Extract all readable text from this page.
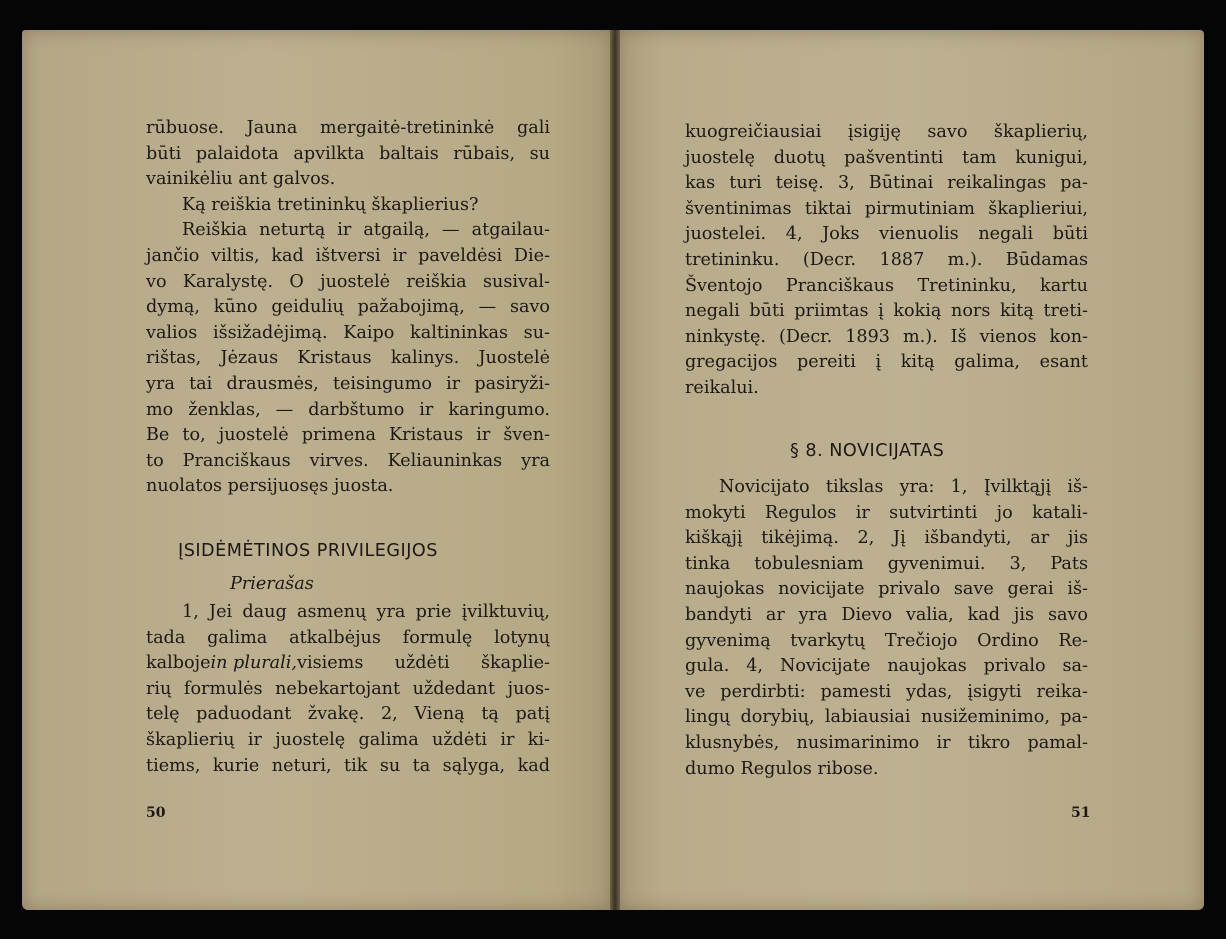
rūbuose. Jauna mergaitė-tretininkė gali

būti palaidota apvilkta baltais rūbais, su

vainikėliu ant galvos.

Ką reiškia tretininkų škaplierius?

Reiškia neturtą ir atgailą, — atgailau-

jančio viltis, kad ištversi ir paveldėsi Die-

vo Karalystę. O juostelė reiškia susival-

dymą, kūno geidulių pažabojimą, — savo

valios išsižadėjimą. Kaipo kaltininkas su-

rištas, Jėzaus Kristaus kalinys. Juostelė

yra tai drausmės, teisingumo ir pasiryži-

mo ženklas, — darbštumo ir karingumo.

Be to, juostelė primena Kristaus ir šven-

to Pranciškaus virves. Keliauninkas yra

nuolatos persijuosęs juosta.

ĮSIDĖMĖTINOS PRIVILEGIJOS
Prierašas

1, Jei daug asmenų yra prie įvilktuvių,

tada galima atkalbėjus formulę lotynų

kalboje in plurali, visiems uždėti škaplie-

rių formulės nebekartojant uždedant juos-

telę paduodant žvakę. 2, Vieną tą patį

škaplierių ir juostelę galima uždėti ir ki-

tiems, kurie neturi, tik su ta sąlyga, kad

50

kuogreičiausiai įsigiję savo škaplierių,

juostelę duotų pašventinti tam kunigui,

kas turi teisę. 3, Būtinai reikalingas pa-

šventinimas tiktai pirmutiniam škaplieriui,

juostelei. 4, Joks vienuolis negali būti

tretininku. (Decr. 1887 m.). Būdamas

Šventojo Pranciškaus Tretininku, kartu

negali būti priimtas į kokią nors kitą treti-

ninkystę. (Decr. 1893 m.). Iš vienos kon-

gregacijos pereiti į kitą galima, esant

reikalui.

§ 8. NOVICIJATAS

Novicijato tikslas yra: 1, Įvilktąjį iš-

mokyti Regulos ir sutvirtinti jo katali-

kiškąjį tikėjimą. 2, Jį išbandyti, ar jis

tinka tobulesniam gyvenimui. 3, Pats

naujokas novicijate privalo save gerai iš-

bandyti ar yra Dievo valia, kad jis savo

gyvenimą tvarkytų Trečiojo Ordino Re-

gula. 4, Novicijate naujokas privalo sa-

ve perdirbti: pamesti ydas, įsigyti reika-

lingų dorybių, labiausiai nusižeminimo, pa-

klusnybės, nusimarinimo ir tikro pamal-

dumo Regulos ribose.

51
